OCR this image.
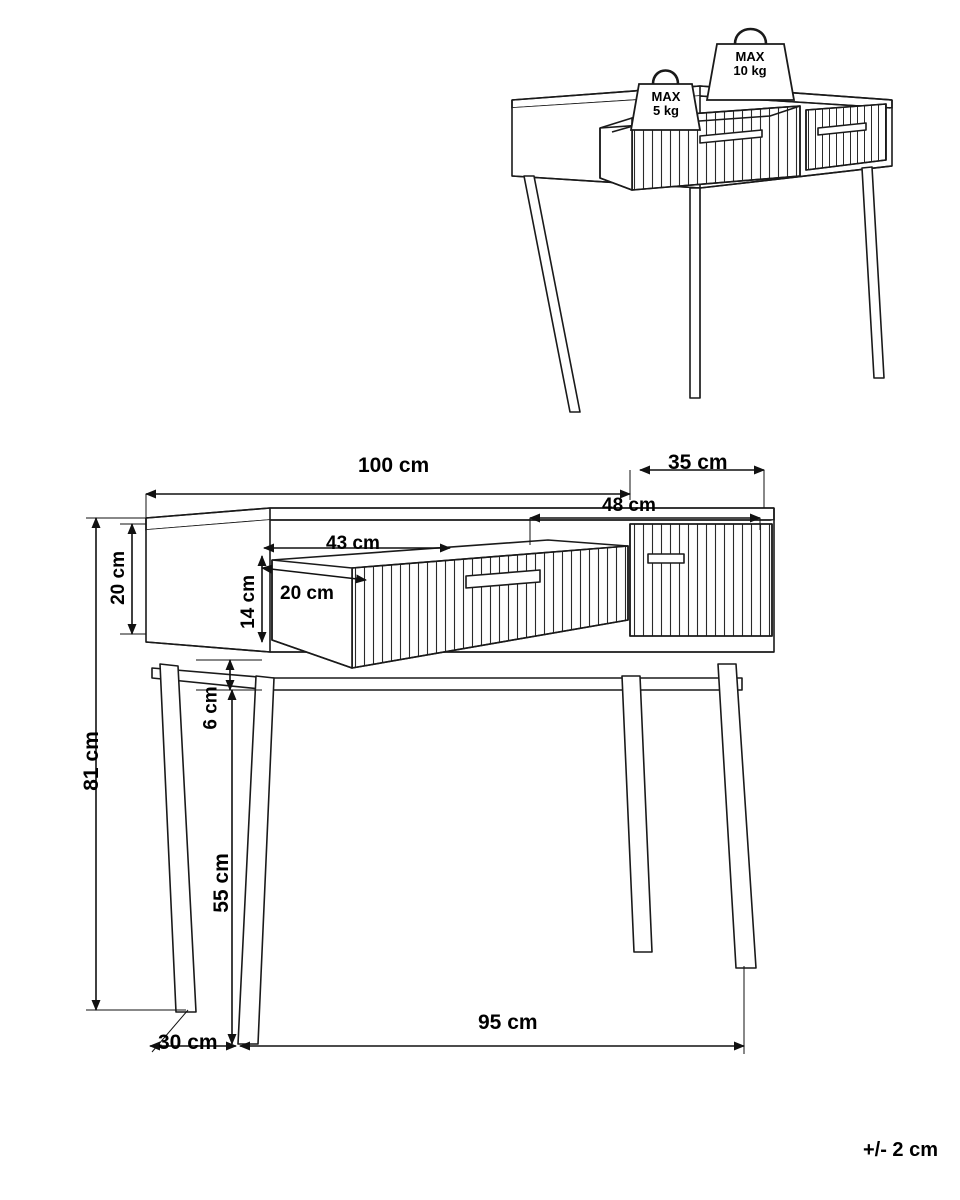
MAX
10 kg
MAX
5 kg
100 cm	35 cm
48 cm
43 cm
20 cm
20 cm	14 cm
6 cm
81 cm
55 cm
30 cm
95 cm
+/- 2 cm
